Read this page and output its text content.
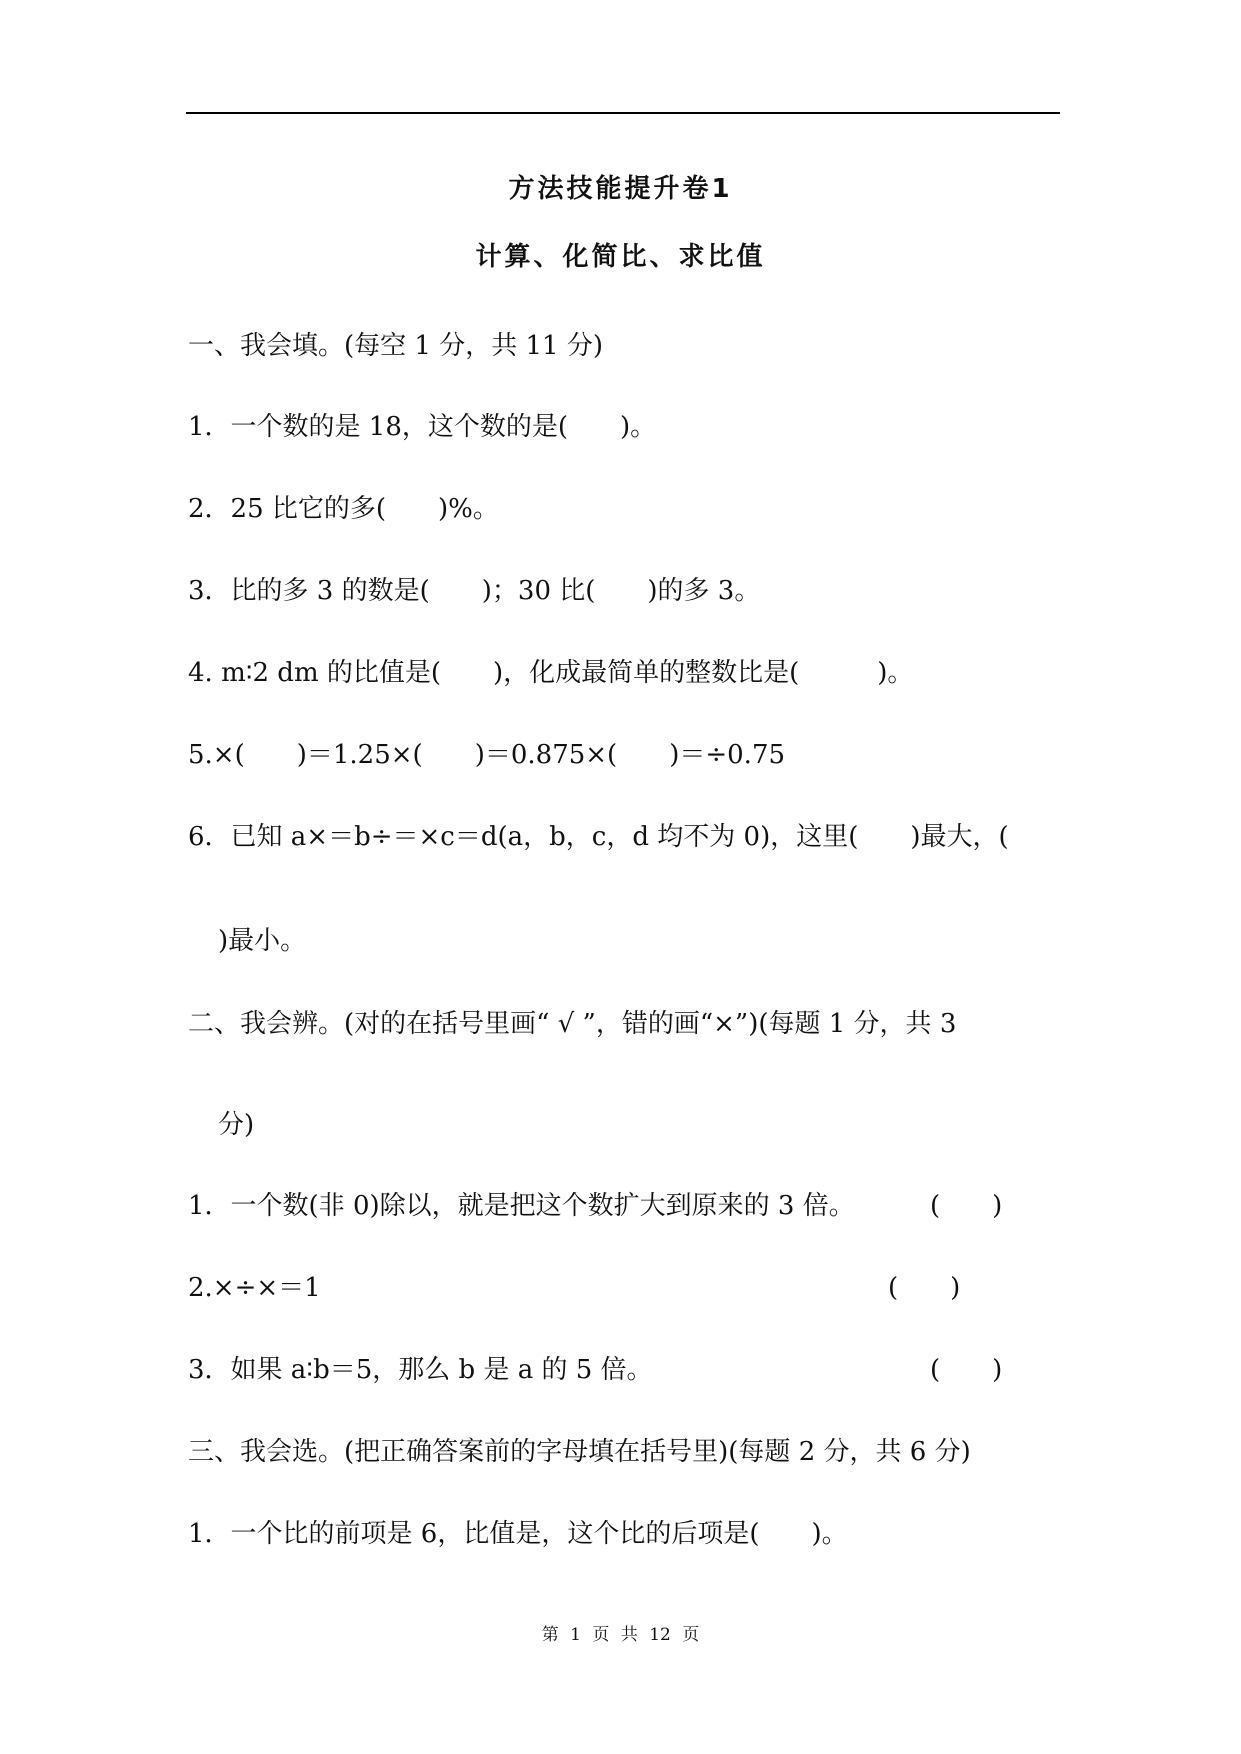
方法技能提升卷1
计算、化简比、求比值
一、我会填。(每空 1 分，共 11 分)
1．一个数的是 18，这个数的是(　　)。
2．25 比它的多(　　)%。
3．比的多 3 的数是(　　)；30 比(　　)的多 3。
4. m∶2 dm 的比值是(　　)，化成最简单的整数比是(　　　)。
5.×(　　)＝1.25×(　　)＝0.875×(　　)＝÷0.75
6．已知 a×＝b÷＝×c＝d(a，b，c，d 均不为 0)，这里(　　)最大，(
)最小。
二、我会辨。(对的在括号里画“ √ ”，错的画“×”)(每题 1 分，共 3
分)
1．一个数(非 0)除以，就是把这个数扩大到原来的 3 倍。	(　　)
2.×÷×＝1	(　　)
3．如果 a∶b＝5，那么 b 是 a 的 5 倍。	(　　)
三、我会选。(把正确答案前的字母填在括号里)(每题 2 分，共 6 分)
1．一个比的前项是 6，比值是，这个比的后项是(　　)。
第 1 页 共 12 页
